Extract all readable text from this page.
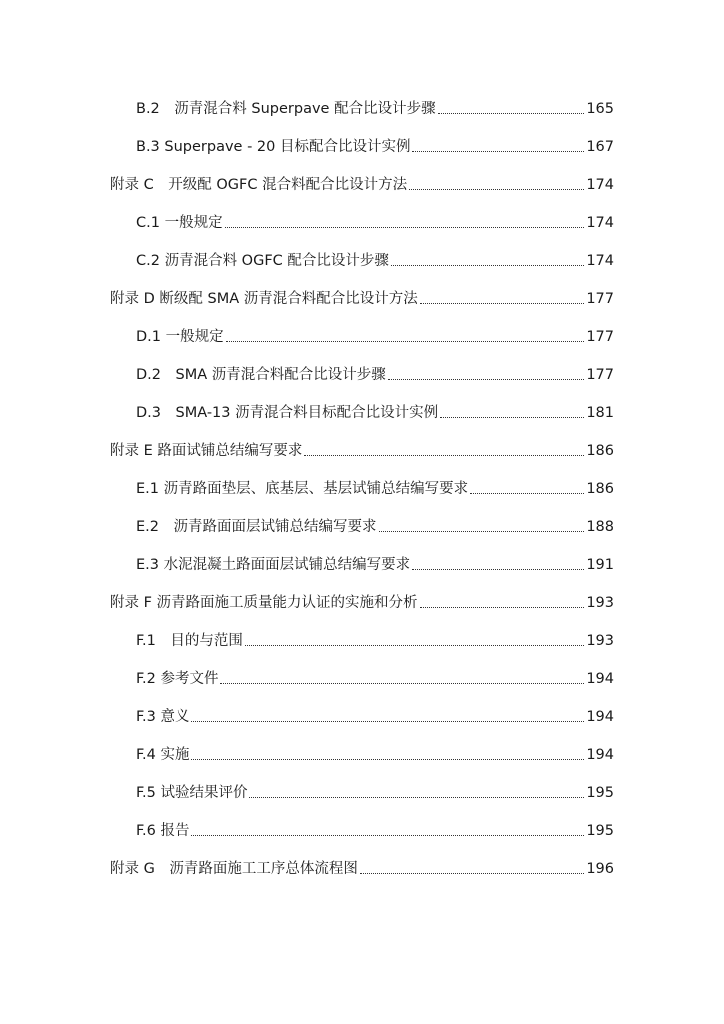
B.2　沥青混合料 Superpave 配合比设计步骤	165
B.3 Superpave - 20 目标配合比设计实例	167
附录 C　开级配 OGFC 混合料配合比设计方法	174
C.1 一般规定	174
C.2 沥青混合料 OGFC 配合比设计步骤	174
附录 D 断级配 SMA 沥青混合料配合比设计方法	177
D.1 一般规定	177
D.2　SMA 沥青混合料配合比设计步骤	177
D.3　SMA-13 沥青混合料目标配合比设计实例	181
附录 E 路面试铺总结编写要求	186
E.1 沥青路面垫层、底基层、基层试铺总结编写要求	186
E.2　沥青路面面层试铺总结编写要求	188
E.3 水泥混凝土路面面层试铺总结编写要求	191
附录 F 沥青路面施工质量能力认证的实施和分析	193
F.1　目的与范围	193
F.2 参考文件	194
F.3 意义	194
F.4 实施	194
F.5 试验结果评价	195
F.6 报告	195
附录 G　沥青路面施工工序总体流程图	196
